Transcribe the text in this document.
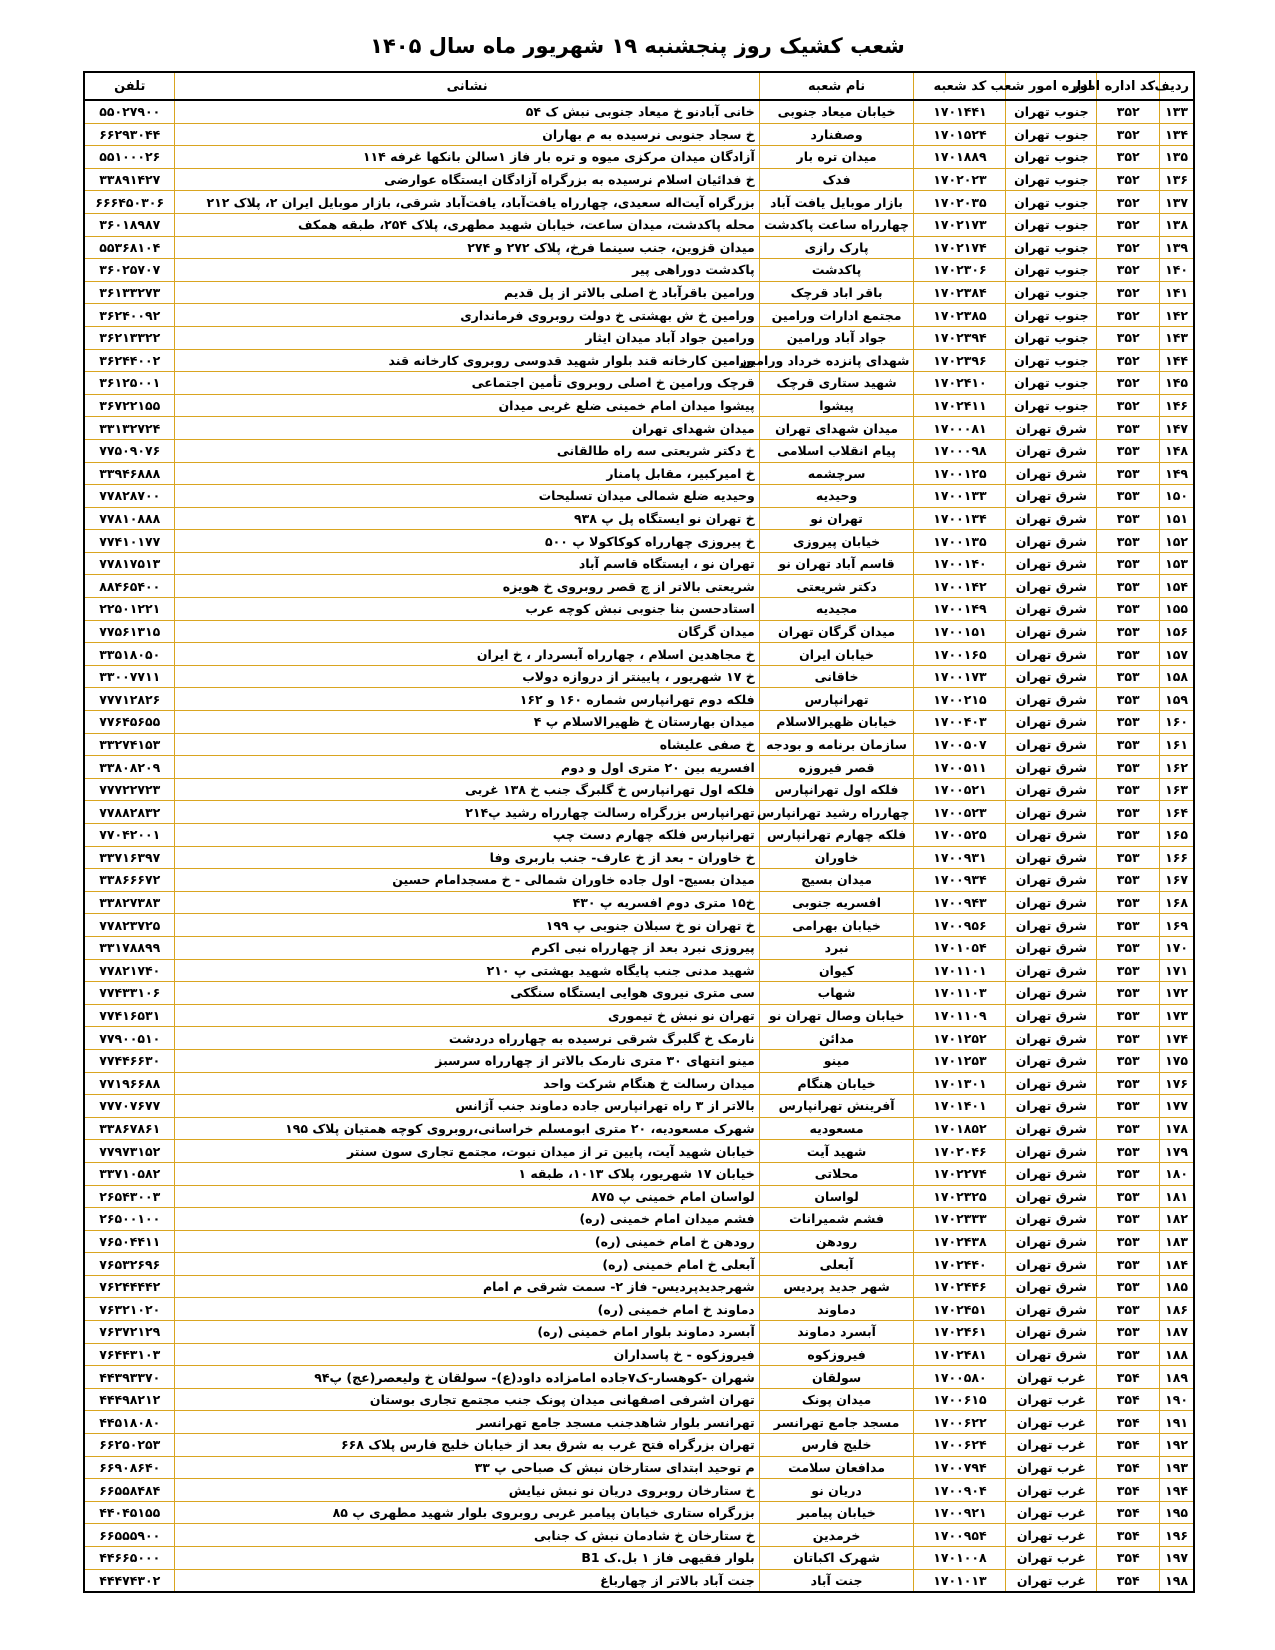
شعب کشیک روز پنجشنبه ۱۹ شهریور ماه سال ۱۴۰۵
ردیف	کد اداره امور	اداره امور شعب	کد شعبه	نام شعبه	نشانی	تلفن
۱۳۳	۳۵۲	جنوب تهران	۱۷۰۱۴۴۱	خیابان میعاد جنوبی	خانی آبادنو خ میعاد جنوبی نبش ک ۵۴	۵۵۰۲۷۹۰۰
۱۳۴	۳۵۲	جنوب تهران	۱۷۰۱۵۲۴	وصفنارد	خ سجاد جنوبی نرسیده به م بهاران	۶۶۲۹۳۰۴۴
۱۳۵	۳۵۲	جنوب تهران	۱۷۰۱۸۸۹	میدان تره بار	آزادگان میدان مرکزی میوه و تره بار فاز ۱سالن بانکها غرفه ۱۱۴	۵۵۱۰۰۰۲۶
۱۳۶	۳۵۲	جنوب تهران	۱۷۰۲۰۲۳	فدک	خ فدائیان اسلام نرسیده به بزرگراه آزادگان ایستگاه عوارضی	۳۳۸۹۱۴۲۷
۱۳۷	۳۵۲	جنوب تهران	۱۷۰۲۰۳۵	بازار موبایل یافت آباد	بزرگراه آیت‌اله سعیدی، چهارراه یافت‌آباد، یافت‌آباد شرقی، بازار موبایل ایران ۲، پلاک ۲۱۲	۶۶۶۴۵۰۳۰۶
۱۳۸	۳۵۲	جنوب تهران	۱۷۰۲۱۷۳	چهارراه ساعت پاکدشت	محله پاکدشت، میدان ساعت، خیابان شهید مطهری، پلاک ۲۵۴، طبقه همکف	۳۶۰۱۸۹۸۷
۱۳۹	۳۵۲	جنوب تهران	۱۷۰۲۱۷۴	پارک رازی	میدان قزوین، جنب سینما فرخ، پلاک ۲۷۲ و ۲۷۴	۵۵۳۶۸۱۰۴
۱۴۰	۳۵۲	جنوب تهران	۱۷۰۲۳۰۶	پاکدشت	پاکدشت دوراهی پیر	۳۶۰۲۵۷۰۷
۱۴۱	۳۵۲	جنوب تهران	۱۷۰۲۳۸۴	باقر اباد قرچک	ورامین باقرآباد خ اصلی بالاتر از پل قدیم	۳۶۱۳۳۲۷۳
۱۴۲	۳۵۲	جنوب تهران	۱۷۰۲۳۸۵	مجتمع ادارات ورامین	ورامین خ ش بهشتی خ دولت روبروی فرمانداری	۳۶۲۴۰۰۹۲
۱۴۳	۳۵۲	جنوب تهران	۱۷۰۲۳۹۴	جواد آباد ورامین	ورامین جواد آباد میدان ایثار	۳۶۲۱۳۳۲۲
۱۴۴	۳۵۲	جنوب تهران	۱۷۰۲۳۹۶	شهدای پانزده خرداد ورامین	ورامین کارخانه قند بلوار شهید قدوسی روبروی کارخانه قند	۳۶۲۴۴۰۰۲
۱۴۵	۳۵۲	جنوب تهران	۱۷۰۲۴۱۰	شهید ستاری قرچک	قرچک ورامین خ اصلی روبروی تأمین اجتماعی	۳۶۱۲۵۰۰۱
۱۴۶	۳۵۲	جنوب تهران	۱۷۰۲۴۱۱	پیشوا	پیشوا میدان امام خمینی ضلع غربی میدان	۳۶۷۲۲۱۵۵
۱۴۷	۳۵۳	شرق تهران	۱۷۰۰۰۸۱	میدان شهدای تهران	میدان شهدای تهران	۳۳۱۳۲۷۲۴
۱۴۸	۳۵۳	شرق تهران	۱۷۰۰۰۹۸	پیام انقلاب اسلامی	خ دکتر شریعتی سه راه طالقانی	۷۷۵۰۹۰۷۶
۱۴۹	۳۵۳	شرق تهران	۱۷۰۰۱۲۵	سرچشمه	خ امیرکبیر، مقابل پامنار	۳۳۹۴۶۸۸۸
۱۵۰	۳۵۳	شرق تهران	۱۷۰۰۱۳۳	وحیدیه	وحیدیه ضلع شمالی میدان تسلیحات	۷۷۸۲۸۷۰۰
۱۵۱	۳۵۳	شرق تهران	۱۷۰۰۱۳۴	تهران نو	خ تهران نو ایستگاه پل پ ۹۳۸	۷۷۸۱۰۸۸۸
۱۵۲	۳۵۳	شرق تهران	۱۷۰۰۱۳۵	خیابان پیروزی	خ پیروزی چهارراه کوکاکولا پ ۵۰۰	۷۷۴۱۰۱۷۷
۱۵۳	۳۵۳	شرق تهران	۱۷۰۰۱۴۰	قاسم آباد تهران نو	تهران نو ، ایستگاه قاسم آباد	۷۷۸۱۷۵۱۳
۱۵۴	۳۵۳	شرق تهران	۱۷۰۰۱۴۲	دکتر شریعتی	شریعتی بالاتر از چ قصر روبروی خ هویزه	۸۸۴۶۵۴۰۰
۱۵۵	۳۵۳	شرق تهران	۱۷۰۰۱۴۹	مجیدیه	استادحسن بنا جنوبی نبش کوچه عرب	۲۲۵۰۱۲۲۱
۱۵۶	۳۵۳	شرق تهران	۱۷۰۰۱۵۱	میدان گرگان تهران	میدان گرگان	۷۷۵۶۱۳۱۵
۱۵۷	۳۵۳	شرق تهران	۱۷۰۰۱۶۵	خیابان ایران	خ مجاهدین اسلام ، چهارراه آبسردار ، خ ایران	۳۳۵۱۸۰۵۰
۱۵۸	۳۵۳	شرق تهران	۱۷۰۰۱۷۳	خاقانی	خ ۱۷ شهریور ، پایینتر از دروازه دولاب	۳۳۰۰۷۷۱۱
۱۵۹	۳۵۳	شرق تهران	۱۷۰۰۲۱۵	تهرانپارس	فلکه دوم تهرانپارس شماره ۱۶۰ و ۱۶۲	۷۷۷۱۲۸۲۶
۱۶۰	۳۵۳	شرق تهران	۱۷۰۰۴۰۳	خیابان ظهیرالاسلام	میدان بهارستان خ ظهیرالاسلام پ ۴	۷۷۶۴۵۶۵۵
۱۶۱	۳۵۳	شرق تهران	۱۷۰۰۵۰۷	سازمان برنامه و بودجه	خ صفی علیشاه	۳۳۲۷۴۱۵۳
۱۶۲	۳۵۳	شرق تهران	۱۷۰۰۵۱۱	قصر فیروزه	افسریه بین ۲۰ متری اول و دوم	۳۳۸۰۸۲۰۹
۱۶۳	۳۵۳	شرق تهران	۱۷۰۰۵۲۱	فلکه اول تهرانپارس	فلکه اول تهرانپارس خ گلبرگ جنب خ ۱۳۸ غربی	۷۷۷۲۲۷۲۳
۱۶۴	۳۵۳	شرق تهران	۱۷۰۰۵۲۳	چهارراه رشید تهرانپارس	تهرانپارس بزرگراه رسالت چهارراه رشید پ۲۱۴	۷۷۸۸۲۸۳۲
۱۶۵	۳۵۳	شرق تهران	۱۷۰۰۵۲۵	فلکه چهارم تهرانپارس	تهرانپارس فلکه چهارم دست چپ	۷۷۰۴۲۰۰۱
۱۶۶	۳۵۳	شرق تهران	۱۷۰۰۹۳۱	خاوران	خ خاوران - بعد از خ عارف- جنب باربری وفا	۳۳۷۱۶۳۹۷
۱۶۷	۳۵۳	شرق تهران	۱۷۰۰۹۳۴	میدان بسیج	میدان بسیج- اول جاده خاوران شمالی - خ مسجدامام حسین	۳۳۸۶۶۶۷۲
۱۶۸	۳۵۳	شرق تهران	۱۷۰۰۹۴۳	افسریه جنوبی	خ۱۵ متری دوم افسریه پ ۴۳۰	۳۳۸۲۷۳۸۳
۱۶۹	۳۵۳	شرق تهران	۱۷۰۰۹۵۶	خیابان بهرامی	خ تهران نو خ سبلان جنوبی پ ۱۹۹	۷۷۸۲۳۷۲۵
۱۷۰	۳۵۳	شرق تهران	۱۷۰۱۰۵۴	نبرد	پیروزی نبرد بعد از چهارراه نبی اکرم	۳۳۱۷۸۸۹۹
۱۷۱	۳۵۳	شرق تهران	۱۷۰۱۱۰۱	کیوان	شهید مدنی جنب پایگاه شهید بهشتی پ ۲۱۰	۷۷۸۲۱۷۴۰
۱۷۲	۳۵۳	شرق تهران	۱۷۰۱۱۰۳	شهاب	سی متری نیروی هوایی ایستگاه سنگکی	۷۷۴۳۳۱۰۶
۱۷۳	۳۵۳	شرق تهران	۱۷۰۱۱۰۹	خیابان وصال تهران نو	تهران نو نبش خ تیموری	۷۷۴۱۶۵۳۱
۱۷۴	۳۵۳	شرق تهران	۱۷۰۱۲۵۲	مدائن	نارمک خ گلبرگ شرقی نرسیده به چهارراه دردشت	۷۷۹۰۰۵۱۰
۱۷۵	۳۵۳	شرق تهران	۱۷۰۱۲۵۳	مینو	مینو انتهای ۳۰ متری نارمک بالاتر از چهارراه سرسبز	۷۷۴۴۶۶۳۰
۱۷۶	۳۵۳	شرق تهران	۱۷۰۱۳۰۱	خیابان هنگام	میدان رسالت خ هنگام شرکت واحد	۷۷۱۹۶۶۸۸
۱۷۷	۳۵۳	شرق تهران	۱۷۰۱۴۰۱	آفرینش تهرانپارس	بالاتر از ۳ راه تهرانپارس جاده دماوند جنب آژانس	۷۷۷۰۷۶۷۷
۱۷۸	۳۵۳	شرق تهران	۱۷۰۱۸۵۲	مسعودیه	شهرک مسعودیه، ۲۰ متری ابومسلم خراسانی،روبروی کوچه همتیان پلاک ۱۹۵	۳۳۸۶۷۸۶۱
۱۷۹	۳۵۳	شرق تهران	۱۷۰۲۰۴۶	شهید آیت	خیابان شهید آیت، پایین تر از میدان نبوت، مجتمع تجاری سون سنتر	۷۷۹۷۳۱۵۲
۱۸۰	۳۵۳	شرق تهران	۱۷۰۲۲۷۴	محلاتی	خیابان ۱۷ شهریور، پلاک ۱۰۱۳، طبقه ۱	۳۳۷۱۰۵۸۲
۱۸۱	۳۵۳	شرق تهران	۱۷۰۲۳۲۵	لواسان	لواسان امام خمینی پ ۸۷۵	۲۶۵۴۳۰۰۳
۱۸۲	۳۵۳	شرق تهران	۱۷۰۲۳۳۳	فشم شمیرانات	فشم میدان امام خمینی (ره)	۲۶۵۰۰۱۰۰
۱۸۳	۳۵۳	شرق تهران	۱۷۰۲۴۳۸	رودهن	رودهن خ امام خمینی (ره)	۷۶۵۰۴۴۱۱
۱۸۴	۳۵۳	شرق تهران	۱۷۰۲۴۴۰	آبعلی	آبعلی خ امام خمینی (ره)	۷۶۵۳۲۶۹۶
۱۸۵	۳۵۳	شرق تهران	۱۷۰۲۴۴۶	شهر جدید پردیس	شهرجدیدپردیس- فاز ۲- سمت شرقی م امام	۷۶۲۴۴۴۴۲
۱۸۶	۳۵۳	شرق تهران	۱۷۰۲۴۵۱	دماوند	دماوند خ امام خمینی (ره)	۷۶۳۲۱۰۲۰
۱۸۷	۳۵۳	شرق تهران	۱۷۰۲۴۶۱	آبسرد دماوند	آبسرد دماوند بلوار امام خمینی (ره)	۷۶۳۷۲۱۲۹
۱۸۸	۳۵۳	شرق تهران	۱۷۰۲۴۸۱	فیروزکوه	فیروزکوه - خ پاسداران	۷۶۴۴۳۱۰۳
۱۸۹	۳۵۴	غرب تهران	۱۷۰۰۵۸۰	سولقان	شهران -کوهسار-ک۷جاده امامزاده داود(ع)- سولقان خ ولیعصر(عج) پ۹۴	۴۴۳۹۳۳۷۰
۱۹۰	۳۵۴	غرب تهران	۱۷۰۰۶۱۵	میدان پونک	تهران اشرفی اصفهانی میدان پونک جنب مجتمع تجاری بوستان	۴۴۴۹۸۲۱۲
۱۹۱	۳۵۴	غرب تهران	۱۷۰۰۶۲۲	مسجد جامع تهرانسر	تهرانسر بلوار شاهدجنب مسجد جامع تهرانسر	۴۴۵۱۸۰۸۰
۱۹۲	۳۵۴	غرب تهران	۱۷۰۰۶۲۴	خلیج فارس	تهران بزرگراه فتح غرب به شرق بعد از خیابان خلیج فارس پلاک ۶۶۸	۶۶۲۵۰۲۵۳
۱۹۳	۳۵۴	غرب تهران	۱۷۰۰۷۹۴	مدافعان سلامت	م توحید ابتدای ستارخان نبش ک صباحی پ ۳۳	۶۶۹۰۸۶۴۰
۱۹۴	۳۵۴	غرب تهران	۱۷۰۰۹۰۴	دریان نو	خ ستارخان روبروی دریان نو نبش نیایش	۶۶۵۵۸۴۸۴
۱۹۵	۳۵۴	غرب تهران	۱۷۰۰۹۲۱	خیابان پیامبر	بزرگراه ستاری خیابان پیامبر غربی روبروی بلوار شهید مطهری پ ۸۵	۴۴۰۴۵۱۵۵
۱۹۶	۳۵۴	غرب تهران	۱۷۰۰۹۵۴	خرمدین	خ ستارخان خ شادمان نبش ک جنابی	۶۶۵۵۵۹۰۰
۱۹۷	۳۵۴	غرب تهران	۱۷۰۱۰۰۸	شهرک اکباتان	بلوار فقیهی فاز ۱ بل.ک B1	۴۴۶۶۵۰۰۰
۱۹۸	۳۵۴	غرب تهران	۱۷۰۱۰۱۳	جنت آباد	جنت آباد بالاتر از چهارباغ	۴۴۴۷۴۳۰۲
